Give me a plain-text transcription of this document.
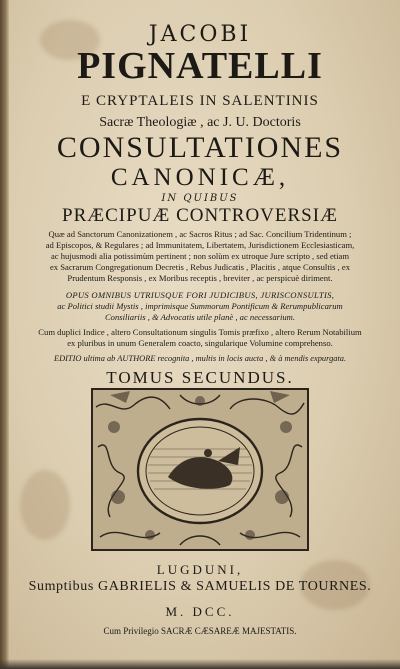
JACOBI
PIGNATELLI
E CRYPTALEIS IN SALENTINIS
Sacræ Theologiæ , ac J. U. Doctoris
CONSULTATIONES
CANONICÆ,
IN QUIBUS
PRÆCIPUÆ CONTROVERSIÆ
Quæ ad Sanctorum Canonizationem , ac Sacros Ritus ; ad Sac. Concilium Tridentinum ;
ad Episcopos, & Regulares ; ad Immunitatem, Libertatem, Jurisdictionem Ecclesiasticam,
ac hujusmodi alia potissimùm pertinent ; non solùm ex utroque Jure scripto , sed etiam
ex Sacrarum Congregationum Decretis , Rebus Judicatis , Placitis , atque Consultis , ex
Prudentum Responsis , ex Moribus receptis , breviter , ac perspicuè diriment.
OPUS OMNIBUS UTRIUSQUE FORI JUDICIBUS, JURISCONSULTIS,
ac Politici studii Mystis , imprimisque Summorum Pontificum & Rerumpublicarum
Consiliariis , & Advocatis utile planè , ac necessarium.
Cum duplici Indice , altero Consultationum singulis Tomis præfixo , altero Rerum Notabilium
ex pluribus in unum Generalem coacto, singularique Volumine comprehenso.
EDITIO ultima ab AUTHORE recognita , multis in locis aucta , & à mendis expurgata.
TOMUS SECUNDUS.
LUGDUNI,
Sumptibus GABRIELIS & SAMUELIS DE TOURNES.
M. DCC.
Cum Privilegio SACRÆ CÆSAREÆ MAJESTATIS.
